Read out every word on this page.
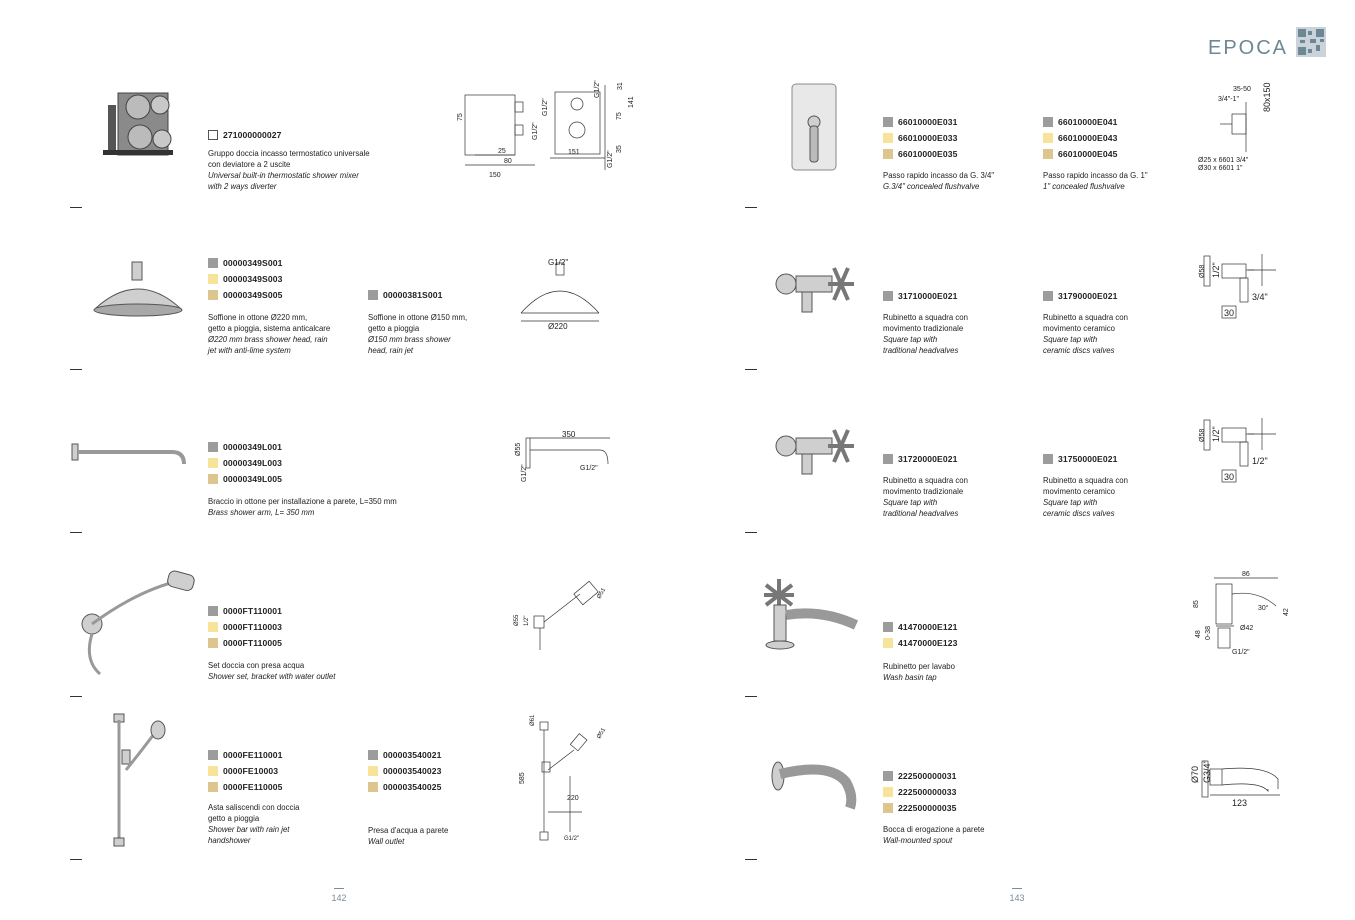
EPOCA
271000000027
Gruppo doccia incasso termostatico universale
con deviatore a 2 uscite
Universal built-in thermostatic shower mixer
with 2 ways diverter
75
25
80
150
G1/2"
G1/2"
G1/2"
G1/2"
31
75
141
151	35
00000349S001
00000349S003
00000349S005	00000381S001
Soffione in ottone Ø220 mm,
getto a pioggia, sistema anticalcare
Ø220 mm brass shower head, rain
jet with anti-lime system
Soffione in ottone Ø150 mm,
getto a pioggia
Ø150 mm brass shower
head, rain jet
G1/2"
Ø220
00000349L001
00000349L003
00000349L005
Braccio in ottone per installazione a parete, L=350 mm
Brass shower arm, L= 350 mm
350
Ø55
G1/2"	G1/2"
0000FT110001
0000FT110003
0000FT110005
Set doccia con presa acqua
Shower set, bracket with water outlet
Ø55 1/2"
Ø51
0000FE110001
0000FE10003
0000FE110005
000003540021
000003540023
000003540025
Asta saliscendi con doccia
getto a pioggia
Shower bar with rain jet
handshower
Presa d'acqua a parete
Wall outlet
Ø61
Ø51
585
220
G1/2"
142
66010000E031
66010000E033
66010000E035
66010000E041
66010000E043
66010000E045
Passo rapido incasso da G. 3/4"
G.3/4" concealed flushvalve
Passo rapido incasso da G. 1"
1" concealed flushvalve
35-50
3/4"-1"	80x150
Ø25 x 6601 3/4"
Ø30 x 6601 1"
31710000E021	31790000E021
Rubinetto a squadra con
movimento tradizionale
Square tap with
traditional headvalves
Rubinetto a squadra con
movimento ceramico
Square tap with
ceramic discs valves
Ø58 1/2"
3/4"
30
31720000E021	31750000E021
Rubinetto a squadra con
movimento tradizionale
Square tap with
traditional headvalves
Rubinetto a squadra con
movimento ceramico
Square tap with
ceramic discs valves
Ø58 1/2"
1/2"
30
41470000E121
41470000E123
Rubinetto per lavabo
Wash basin tap
86
85
30° 42
48 0-38	Ø42
G1/2"
222500000031
222500000033
222500000035
Bocca di erogazione a parete
Wall-mounted spout
Ø70 G3/4"
123
143
